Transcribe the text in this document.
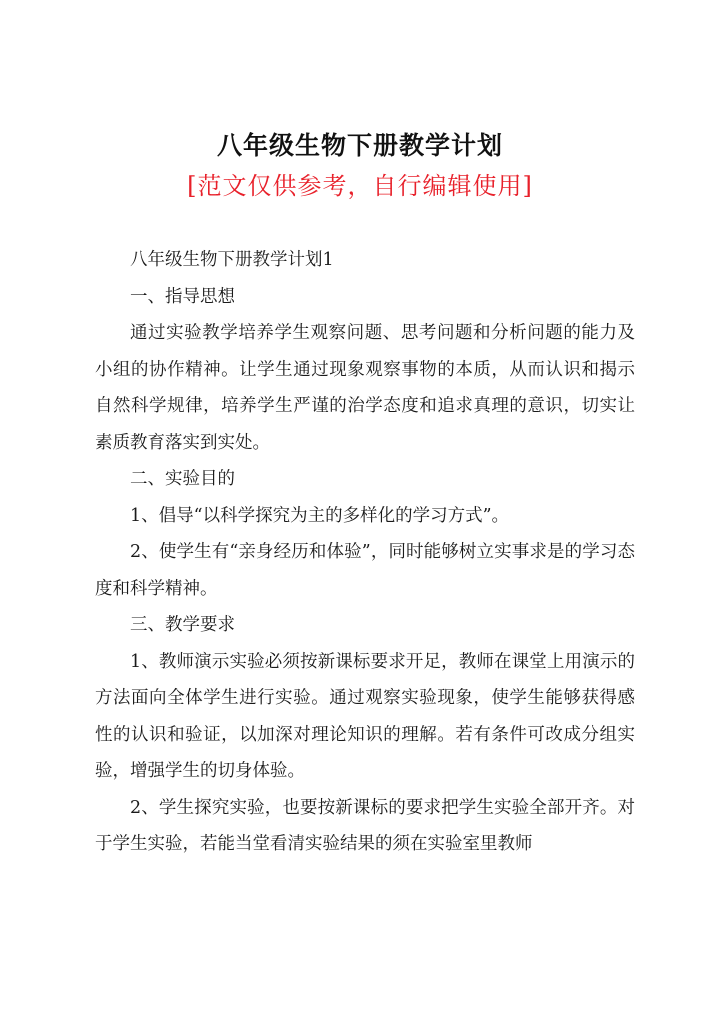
八年级生物下册教学计划
[范文仅供参考，自行编辑使用]

八年级生物下册教学计划1

一、指导思想

通过实验教学培养学生观察问题、思考问题和分析问题的能力及小组的协作精神。让学生通过现象观察事物的本质，从而认识和揭示自然科学规律，培养学生严谨的治学态度和追求真理的意识，切实让素质教育落实到实处。

二、实验目的

1、倡导“以科学探究为主的多样化的学习方式”。

2、使学生有“亲身经历和体验”，同时能够树立实事求是的学习态度和科学精神。

三、教学要求

1、教师演示实验必须按新课标要求开足，教师在课堂上用演示的方法面向全体学生进行实验。通过观察实验现象，使学生能够获得感性的认识和验证，以加深对理论知识的理解。若有条件可改成分组实验，增强学生的切身体验。

2、学生探究实验，也要按新课标的要求把学生实验全部开齐。对于学生实验，若能当堂看清实验结果的须在实验室里教师
